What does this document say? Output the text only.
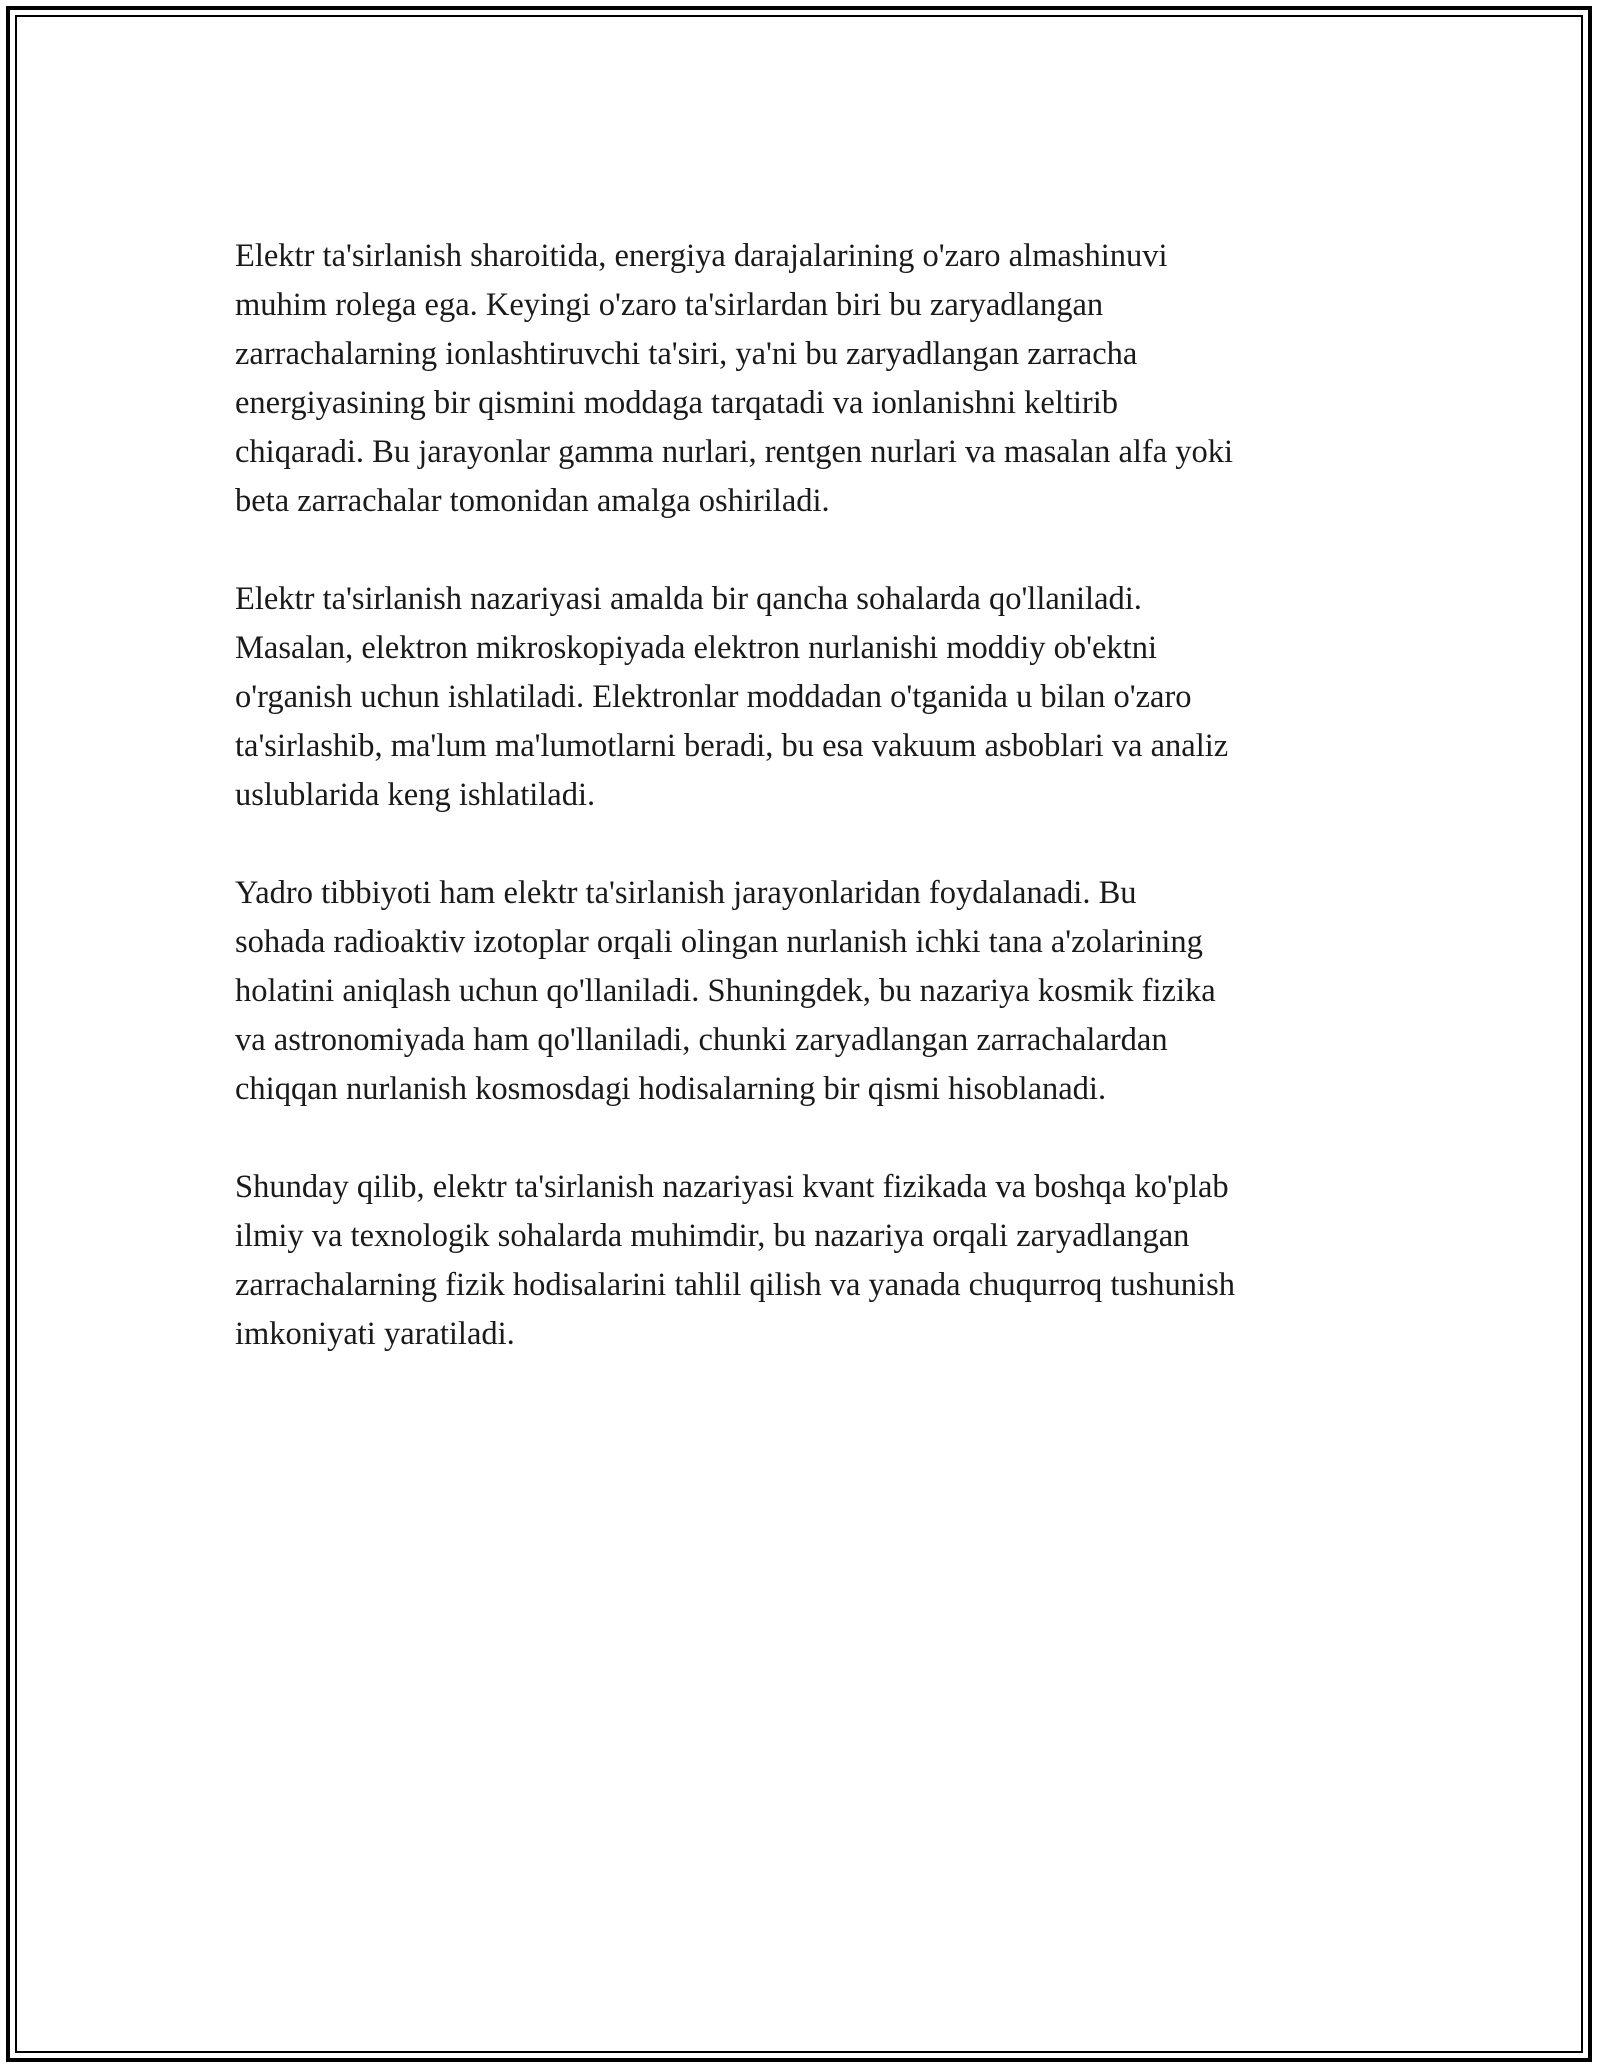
Elektr ta'sirlanish sharoitida, energiya darajalarining o'zaro almashinuvi
muhim rolega ega. Keyingi o'zaro ta'sirlardan biri bu zaryadlangan
zarrachalarning ionlashtiruvchi ta'siri, ya'ni bu zaryadlangan zarracha
energiyasining bir qismini moddaga tarqatadi va ionlanishni keltirib
chiqaradi. Bu jarayonlar gamma nurlari, rentgen nurlari va masalan alfa yoki
beta zarrachalar tomonidan amalga oshiriladi.

Elektr ta'sirlanish nazariyasi amalda bir qancha sohalarda qo'llaniladi.
Masalan, elektron mikroskopiyada elektron nurlanishi moddiy ob'ektni
o'rganish uchun ishlatiladi. Elektronlar moddadan o'tganida u bilan o'zaro
ta'sirlashib, ma'lum ma'lumotlarni beradi, bu esa vakuum asboblari va analiz
uslublarida keng ishlatiladi.

Yadro tibbiyoti ham elektr ta'sirlanish jarayonlaridan foydalanadi. Bu
sohada radioaktiv izotoplar orqali olingan nurlanish ichki tana a'zolarining
holatini aniqlash uchun qo'llaniladi. Shuningdek, bu nazariya kosmik fizika
va astronomiyada ham qo'llaniladi, chunki zaryadlangan zarrachalardan
chiqqan nurlanish kosmosdagi hodisalarning bir qismi hisoblanadi.

Shunday qilib, elektr ta'sirlanish nazariyasi kvant fizikada va boshqa ko'plab
ilmiy va texnologik sohalarda muhimdir, bu nazariya orqali zaryadlangan
zarrachalarning fizik hodisalarini tahlil qilish va yanada chuqurroq tushunish
imkoniyati yaratiladi.
